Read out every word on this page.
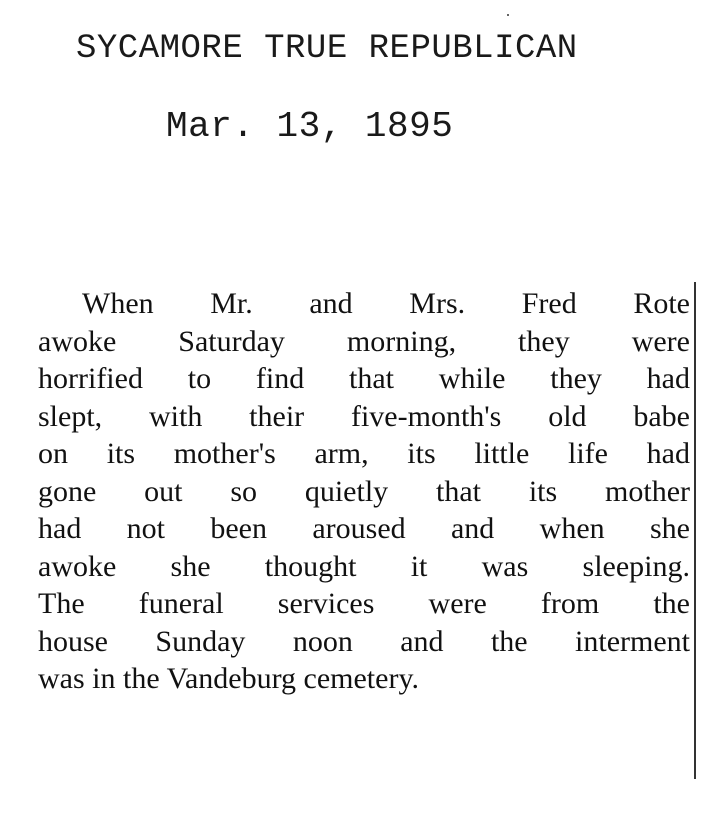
SYCAMORE TRUE REPUBLICAN
Mar. 13, 1895
When Mr. and Mrs. Fred Rote
awoke Saturday morning, they were
horrified to find that while they had
slept, with their five-month's old babe
on its mother's arm, its little life had
gone out so quietly that its mother
had not been aroused and when she
awoke she thought it was sleeping.
The funeral services were from the
house Sunday noon and the interment
was in the Vandeburg cemetery.
